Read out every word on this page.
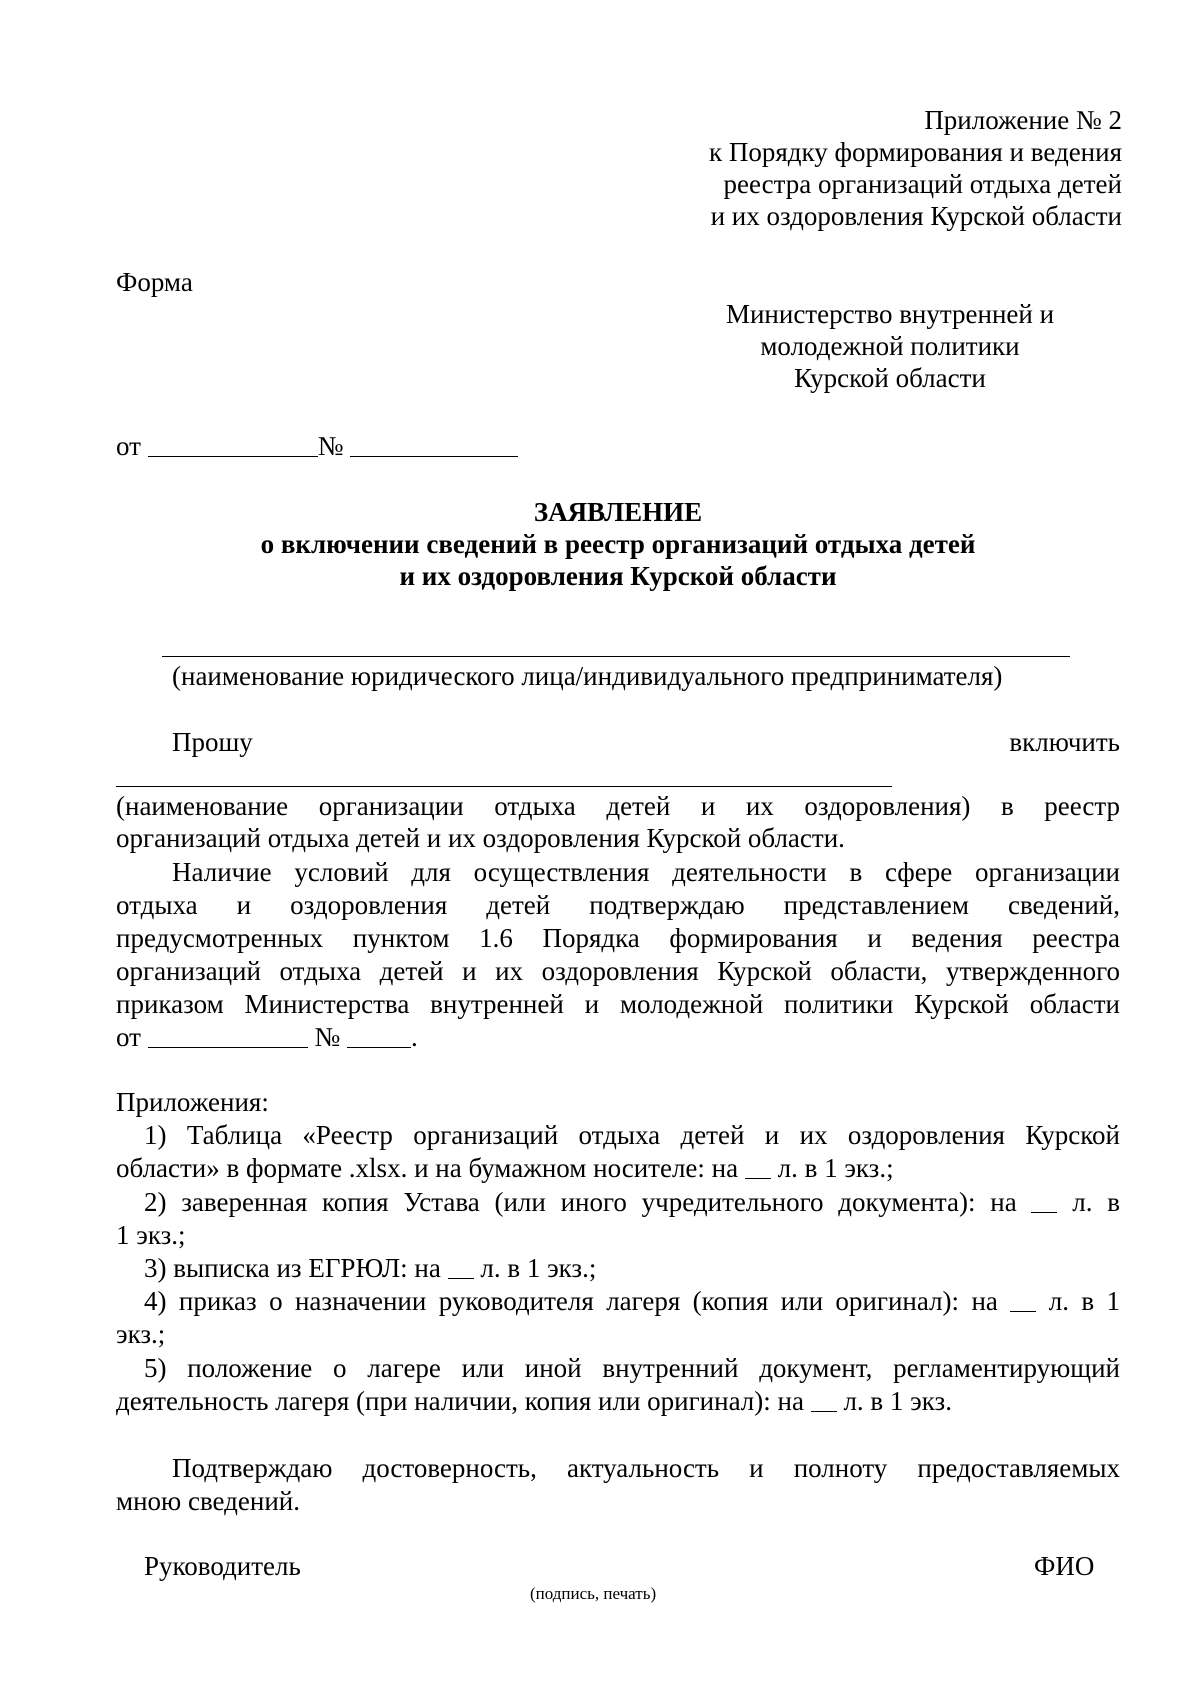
Приложение № 2
к Порядку формирования и ведения
реестра организаций отдыха детей
и их оздоровления Курской области
Форма
Министерство внутренней и
молодежной политики
Курской области
от	№
ЗАЯВЛЕНИЕ
о включении сведений в реестр организаций отдыха детей
и их оздоровления Курской области
(наименование юридического лица/индивидуального предпринимателя)
Прошу	включить
(наименование организации отдыха детей и их оздоровления) в реестр
организаций отдыха детей и их оздоровления Курской области.
Наличие условий для осуществления деятельности в сфере организации
отдыха и оздоровления детей подтверждаю представлением сведений,
предусмотренных пунктом 1.6 Порядка формирования и ведения реестра
организаций отдыха детей и их оздоровления Курской области, утвержденного
приказом Министерства внутренней и молодежной политики Курской области
от	№	.
Приложения:
1) Таблица «Реестр организаций отдыха детей и их оздоровления Курской
области» в формате .xlsx. и на бумажном носителе: на л. в 1 экз.;
2) заверенная копия Устава (или иного учредительного документа): на л. в
1 экз.;
3) выписка из ЕГРЮЛ: на л. в 1 экз.;
4) приказ о назначении руководителя лагеря (копия или оригинал): на л. в 1
экз.;
5) положение о лагере или иной внутренний документ, регламентирующий
деятельность лагеря (при наличии, копия или оригинал): на л. в 1 экз.
Подтверждаю достоверность, актуальность и полноту предоставляемых
мною сведений.
Руководитель	ФИО
(подпись, печать)
